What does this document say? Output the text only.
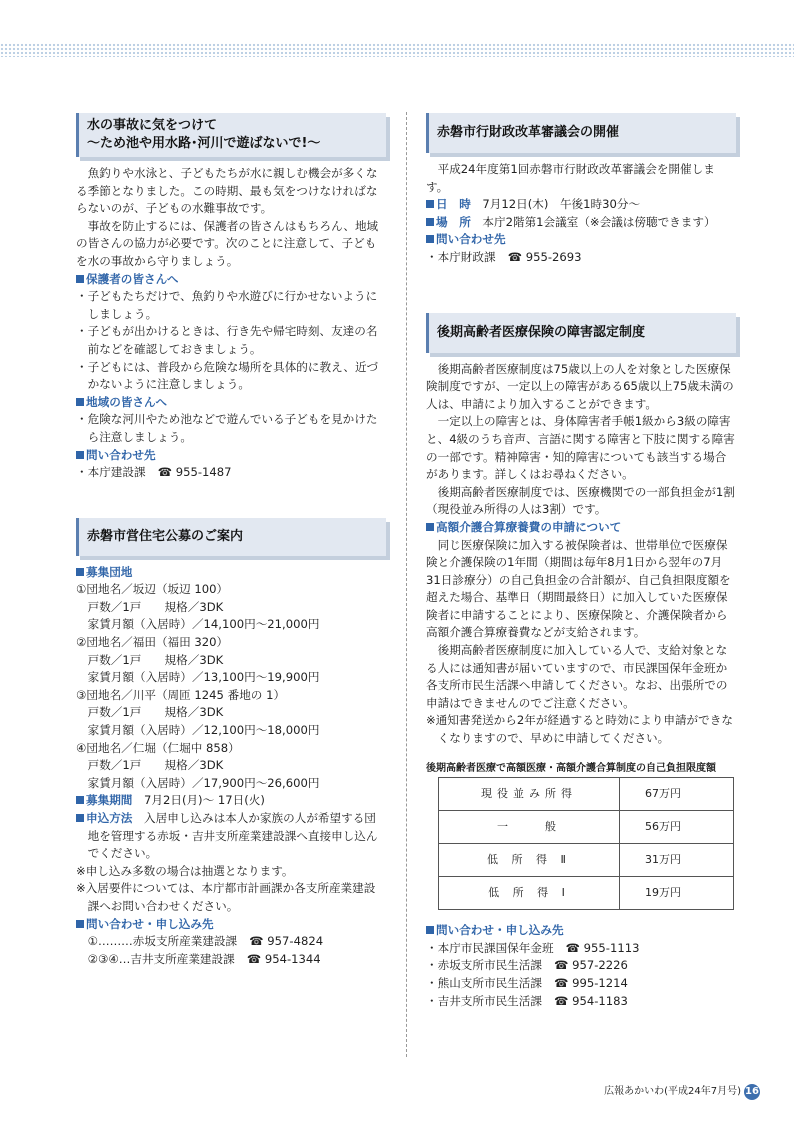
水の事故に気をつけて
～ため池や用水路･河川で遊ばないで!～

魚釣りや水泳と、子どもたちが水に親しむ機会が多くなる季節となりました。この時期、最も気をつけなければならないのが、子どもの水難事故です。

事故を防止するには、保護者の皆さんはもちろん、地域の皆さんの協力が必要です。次のことに注意して、子どもを水の事故から守りましょう。

保護者の皆さんへ

・子どもたちだけで、魚釣りや水遊びに行かせないようにしましょう。

・子どもが出かけるときは、行き先や帰宅時刻、友達の名前などを確認しておきましょう。

・子どもには、普段から危険な場所を具体的に教え、近づかないように注意しましょう。

地域の皆さんへ

・危険な河川やため池などで遊んでいる子どもを見かけたら注意しましょう。

問い合わせ先

・本庁建設課 ☎ 955-1487

赤磐市営住宅公募のご案内

募集団地

①団地名／坂辺（坂辺 100）

戸数／1戸　　規格／3DK

家賃月額（入居時）／14,100円～21,000円

②団地名／福田（福田 320）

戸数／1戸　　規格／3DK

家賃月額（入居時）／13,100円～19,900円

③団地名／川平（周匝 1245 番地の 1）

戸数／1戸　　規格／3DK

家賃月額（入居時）／12,100円～18,000円

④団地名／仁堀（仁堀中 858）

戸数／1戸　　規格／3DK

家賃月額（入居時）／17,900円～26,600円

募集期間　 7月2日(月)～ 17日(火)

申込方法　 入居申し込みは本人か家族の人が希望する団地を管理する赤坂・吉井支所産業建設課へ直接申し込んでください。

※申し込み多数の場合は抽選となります。

※入居要件については、本庁都市計画課か各支所産業建設課へお問い合わせください。

問い合わせ・申し込み先

①………赤坂支所産業建設課 ☎ 957-4824

②③④…吉井支所産業建設課 ☎ 954-1344

赤磐市行財政改革審議会の開催

平成24年度第1回赤磐市行財政改革審議会を開催します。

日　時　 7月12日(木)　午後1時30分～

場　所　 本庁2階第1会議室（※会議は傍聴できます）

問い合わせ先

・本庁財政課 ☎ 955-2693

後期高齢者医療保険の障害認定制度

後期高齢者医療制度は75歳以上の人を対象とした医療保険制度ですが、一定以上の障害がある65歳以上75歳未満の人は、申請により加入することができます。

一定以上の障害とは、身体障害者手帳1級から3級の障害と、4級のうち音声、言語に関する障害と下肢に関する障害の一部です。精神障害・知的障害についても該当する場合があります。詳しくはお尋ねください。

後期高齢者医療制度では、医療機関での一部負担金が1割（現役並み所得の人は3割）です。

高額介護合算療養費の申請について

同じ医療保険に加入する被保険者は、世帯単位で医療保険と介護保険の1年間（期間は毎年8月1日から翌年の7月31日診療分）の自己負担金の合計額が、自己負担限度額を超えた場合、基準日（期間最終日）に加入していた医療保険者に申請することにより、医療保険と、介護保険者から高額介護合算療養費などが支給されます。

後期高齢者医療制度に加入している人で、支給対象となる人には通知書が届いていますので、市民課国保年金班か各支所市民生活課へ申請してください。なお、出張所での申請はできませんのでご注意ください。

※通知書発送から2年が経過すると時効により申請ができなくなりますので、早めに申請してください。

後期高齢者医療で高額医療・高額介護合算制度の自己負担限度額

現役並み所得	67万円
一　　般	56万円
低 所 得 Ⅱ	31万円
低 所 得 Ⅰ	19万円

問い合わせ・申し込み先

・本庁市民課国保年金班 ☎ 955-1113

・赤坂支所市民生活課 ☎ 957-2226

・熊山支所市民生活課 ☎ 995-1214

・吉井支所市民生活課 ☎ 954-1183

広報あかいわ(平成24年7月号) 16
